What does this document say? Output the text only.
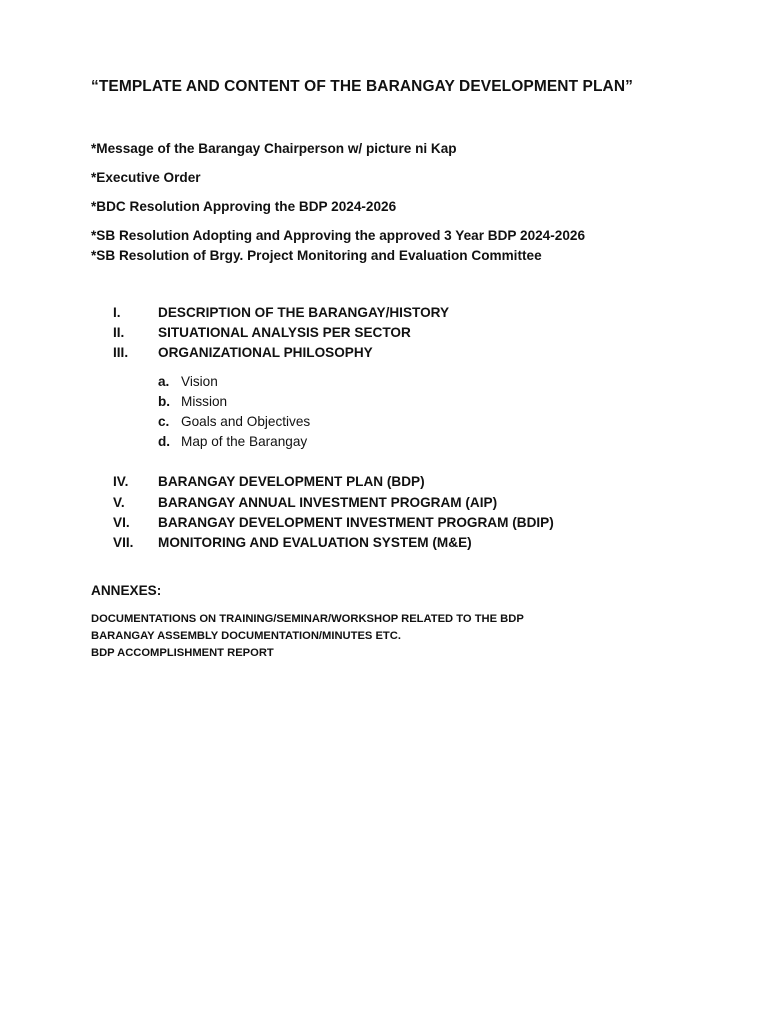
“TEMPLATE AND CONTENT OF THE BARANGAY DEVELOPMENT PLAN”
*Message of the Barangay Chairperson w/ picture ni Kap
*Executive Order
*BDC Resolution Approving the BDP 2024-2026
*SB Resolution Adopting and Approving the approved 3 Year BDP 2024-2026
*SB Resolution of Brgy. Project Monitoring and Evaluation Committee
I.	DESCRIPTION OF THE BARANGAY/HISTORY
II. SITUATIONAL ANALYSIS PER SECTOR
III. ORGANIZATIONAL PHILOSOPHY
a. Vision
b. Mission
c. Goals and Objectives
d. Map of the Barangay
IV. BARANGAY DEVELOPMENT PLAN (BDP)
V. BARANGAY ANNUAL INVESTMENT PROGRAM (AIP)
VI. BARANGAY DEVELOPMENT INVESTMENT PROGRAM (BDIP)
VII. MONITORING AND EVALUATION SYSTEM (M&E)
ANNEXES:
DOCUMENTATIONS ON TRAINING/SEMINAR/WORKSHOP RELATED TO THE BDP
BARANGAY ASSEMBLY DOCUMENTATION/MINUTES ETC.
BDP ACCOMPLISHMENT REPORT
